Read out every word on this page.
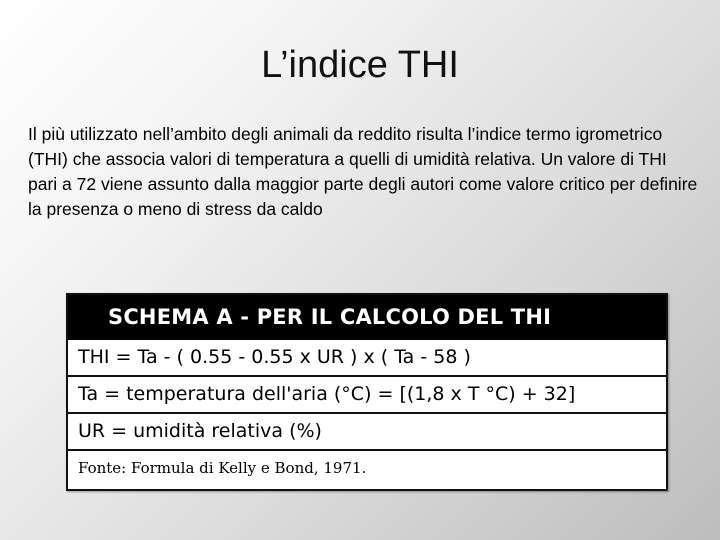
L’indice THI
Il più utilizzato nell’ambito degli animali da reddito risulta l’indice termo igrometrico (THI) che associa valori di temperatura a quelli di umidità relativa. Un valore di THI pari a 72 viene assunto dalla maggior parte degli autori come valore critico per definire la presenza o meno di stress da caldo
SCHEMA A - PER IL CALCOLO DEL THI
THI = Ta - ( 0.55 - 0.55 x UR ) x ( Ta - 58 )
Ta = temperatura dell'aria (°C) = [(1,8 x T °C) + 32]
UR = umidità relativa (%)
Fonte: Formula di Kelly e Bond, 1971.
